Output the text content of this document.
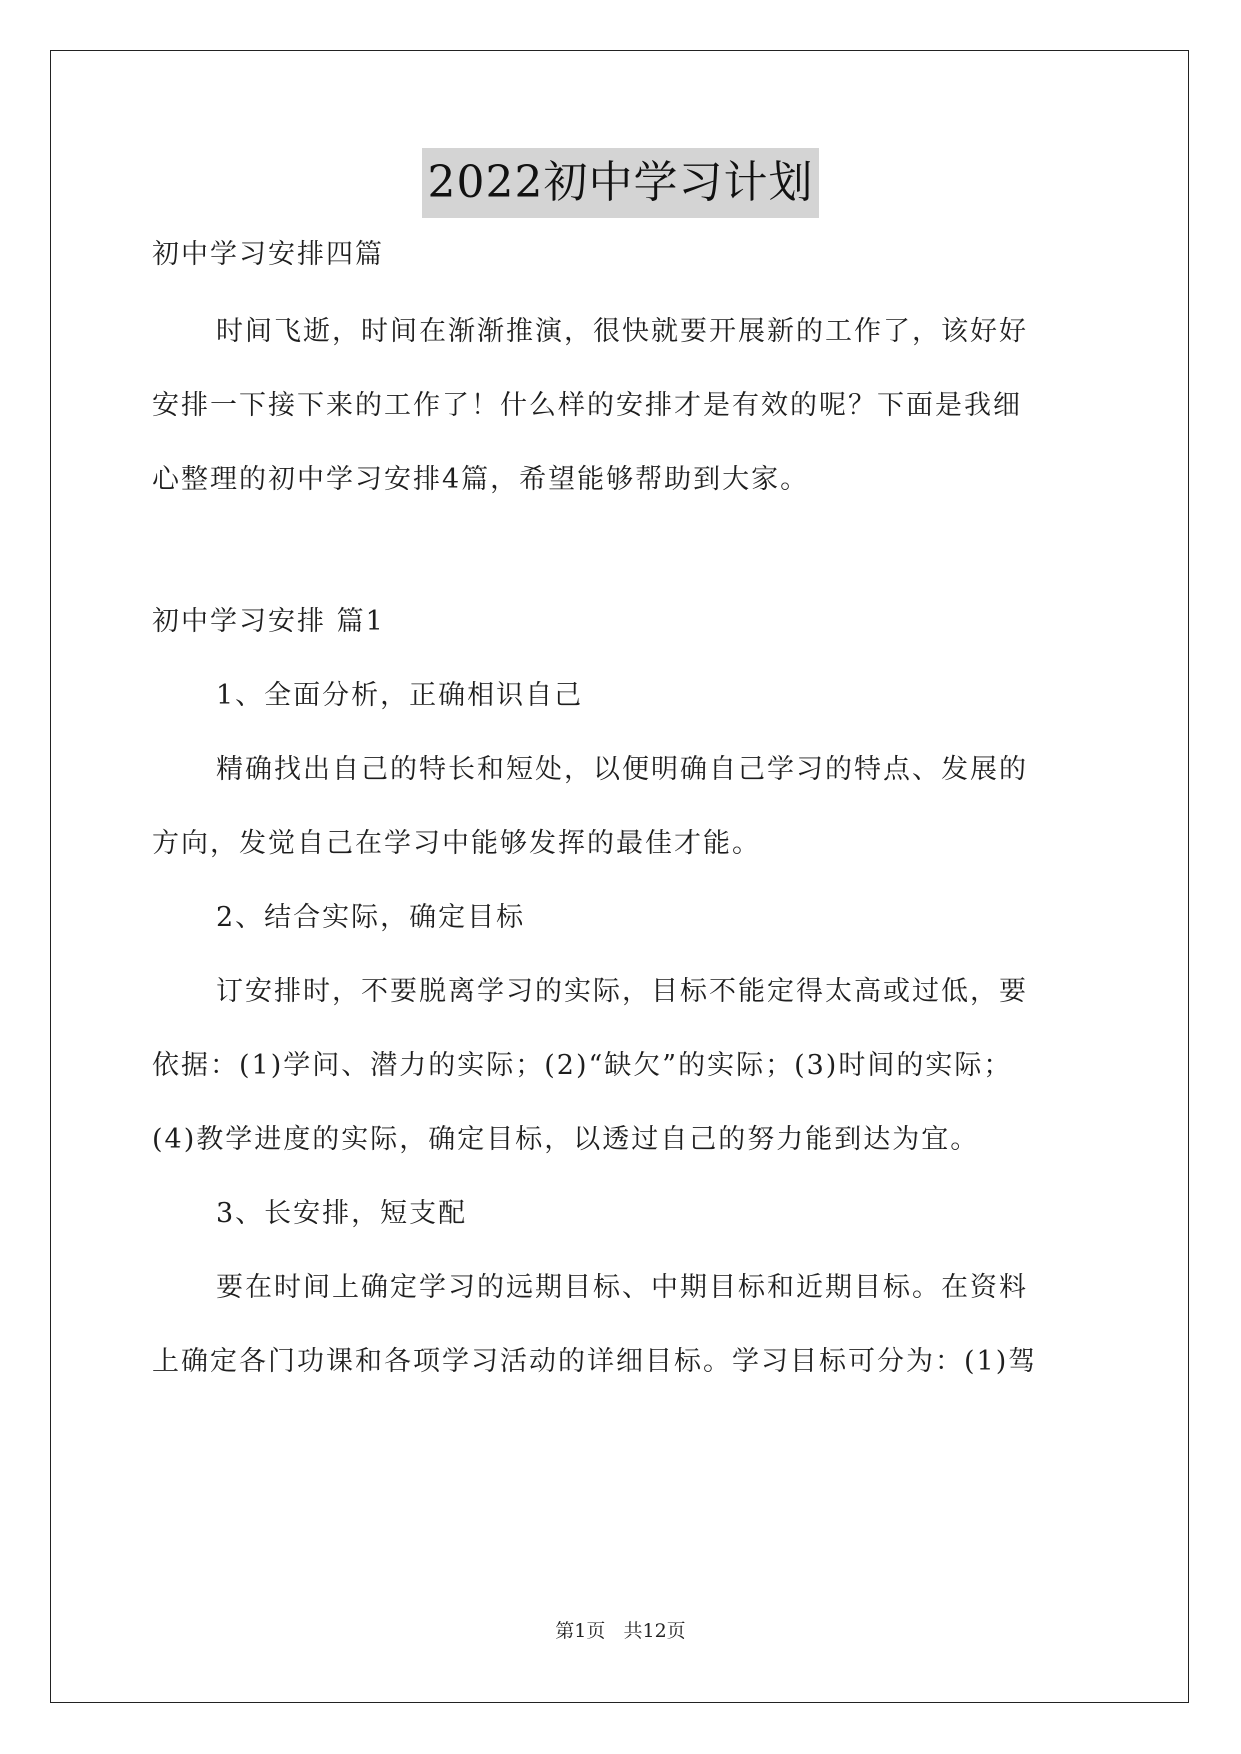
2022初中学习计划
初中学习安排四篇
时间飞逝，时间在渐渐推演，很快就要开展新的工作了，该好好
安排一下接下来的工作了！什么样的安排才是有效的呢？下面是我细
心整理的初中学习安排4篇，希望能够帮助到大家。
初中学习安排 篇1
1、全面分析，正确相识自己
精确找出自己的特长和短处，以便明确自己学习的特点、发展的
方向，发觉自己在学习中能够发挥的最佳才能。
2、结合实际，确定目标
订安排时，不要脱离学习的实际，目标不能定得太高或过低，要
依据：(1)学问、潜力的实际；(2)“缺欠”的实际；(3)时间的实际；
(4)教学进度的实际，确定目标，以透过自己的努力能到达为宜。
3、长安排，短支配
要在时间上确定学习的远期目标、中期目标和近期目标。在资料
上确定各门功课和各项学习活动的详细目标。学习目标可分为：(1)驾
第1页   共12页
